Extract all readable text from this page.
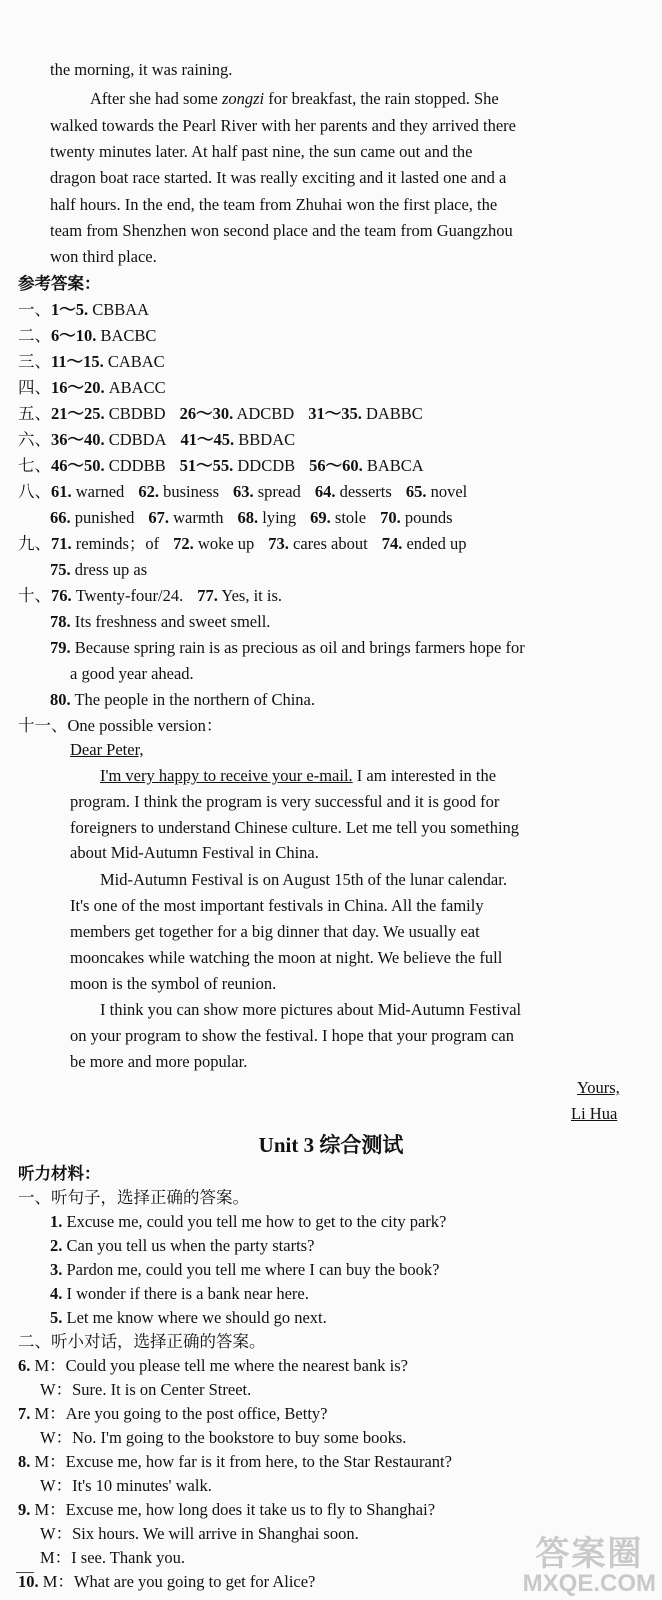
the morning, it was raining.
After she had some zongzi for breakfast, the rain stopped. She
walked towards the Pearl River with her parents and they arrived there
twenty minutes later. At half past nine, the sun came out and the
dragon boat race started. It was really exciting and it lasted one and a
half hours. In the end, the team from Zhuhai won the first place, the
team from Shenzhen won second place and the team from Guangzhou
won third place.
参考答案：
一、1～5. CBBAA
二、6～10. BACBC
三、11～15. CABAC
四、16～20. ABACC
五、21～25. CBDBD 26～30. ADCBD 31～35. DABBC
六、36～40. CDBDA 41～45. BBDAC
七、46～50. CDDBB 51～55. DDCDB 56～60. BABCA
八、61. warned 62. business 63. spread 64. desserts 65. novel
66. punished 67. warmth 68. lying 69. stole 70. pounds
九、71. reminds；of 72. woke up 73. cares about 74. ended up
75. dress up as
十、76. Twenty-four/24. 77. Yes, it is.
78. Its freshness and sweet smell.
79. Because spring rain is as precious as oil and brings farmers hope for
a good year ahead.
80. The people in the northern of China.
十一、One possible version：
Dear Peter,
I'm very happy to receive your e-mail. I am interested in the
program. I think the program is very successful and it is good for
foreigners to understand Chinese culture. Let me tell you something
about Mid-Autumn Festival in China.
Mid-Autumn Festival is on August 15th of the lunar calendar.
It's one of the most important festivals in China. All the family
members get together for a big dinner that day. We usually eat
mooncakes while watching the moon at night. We believe the full
moon is the symbol of reunion.
I think you can show more pictures about Mid-Autumn Festival
on your program to show the festival. I hope that your program can
be more and more popular.
Yours,
Li Hua
Unit 3 综合测试
听力材料：
一、听句子，选择正确的答案。
1. Excuse me, could you tell me how to get to the city park?
2. Can you tell us when the party starts?
3. Pardon me, could you tell me where I can buy the book?
4. I wonder if there is a bank near here.
5. Let me know where we should go next.
二、听小对话，选择正确的答案。
6. M：Could you please tell me where the nearest bank is?
W：Sure. It is on Center Street.
7. M：Are you going to the post office, Betty?
W：No. I'm going to the bookstore to buy some books.
8. M：Excuse me, how far is it from here, to the Star Restaurant?
W：It's 10 minutes' walk.
9. M：Excuse me, how long does it take us to fly to Shanghai?
W：Six hours. We will arrive in Shanghai soon.
M：I see. Thank you.
10. M：What are you going to get for Alice?
答案圈
MXQE.COM
